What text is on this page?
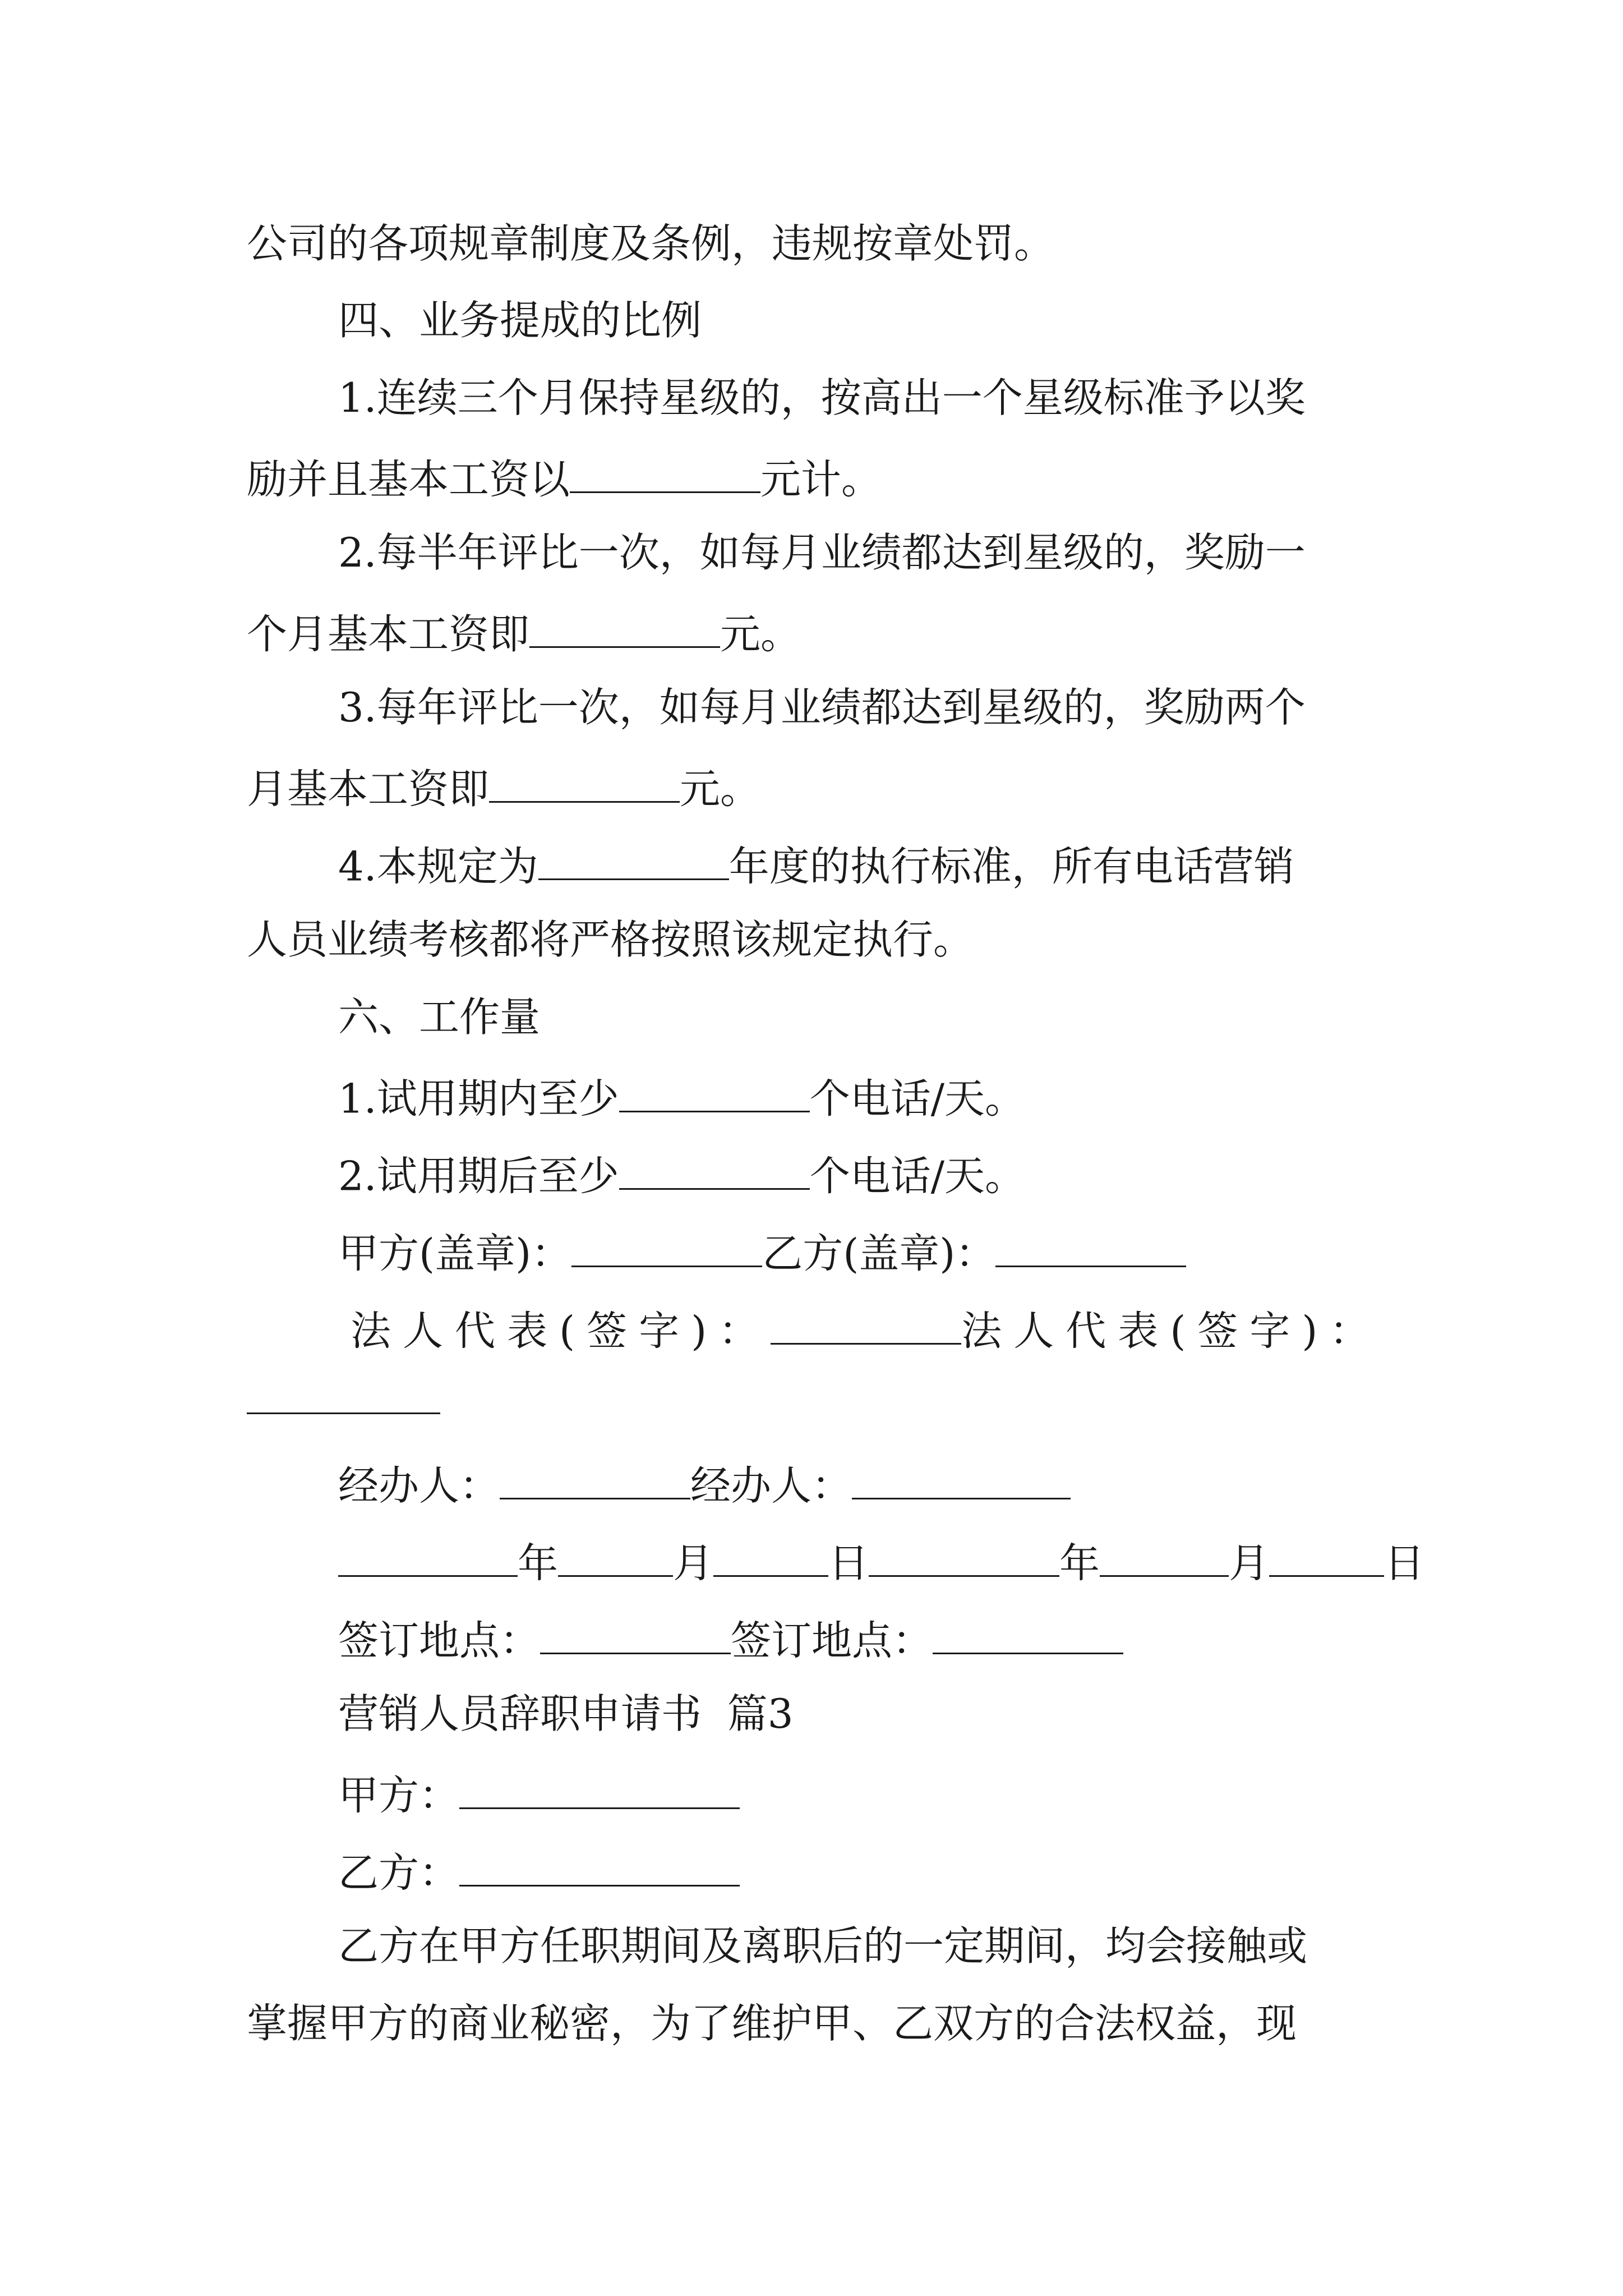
公司的各项规章制度及条例，违规按章处罚。

四、业务提成的比例

1.连续三个月保持星级的，按高出一个星级标准予以奖

励并且基本工资以	元计。

2.每半年评比一次，如每月业绩都达到星级的，奖励一

个月基本工资即	元。

3.每年评比一次，如每月业绩都达到星级的，奖励两个

月基本工资即	元。

4.本规定为	年度的执行标准，所有电话营销

人员业绩考核都将严格按照该规定执行。

六、工作量

1.试用期内至少	个电话/天。

2.试用期后至少	个电话/天。

甲方(盖章)：	乙方(盖章)：

法人代表(签字)：	法人代表(签字)：

经办人：	经办人：

年	月	日	年	月	日

签订地点：	签订地点：

营销人员辞职申请书  篇3

甲方：

乙方：

乙方在甲方任职期间及离职后的一定期间，均会接触或

掌握甲方的商业秘密，为了维护甲、乙双方的合法权益，现
